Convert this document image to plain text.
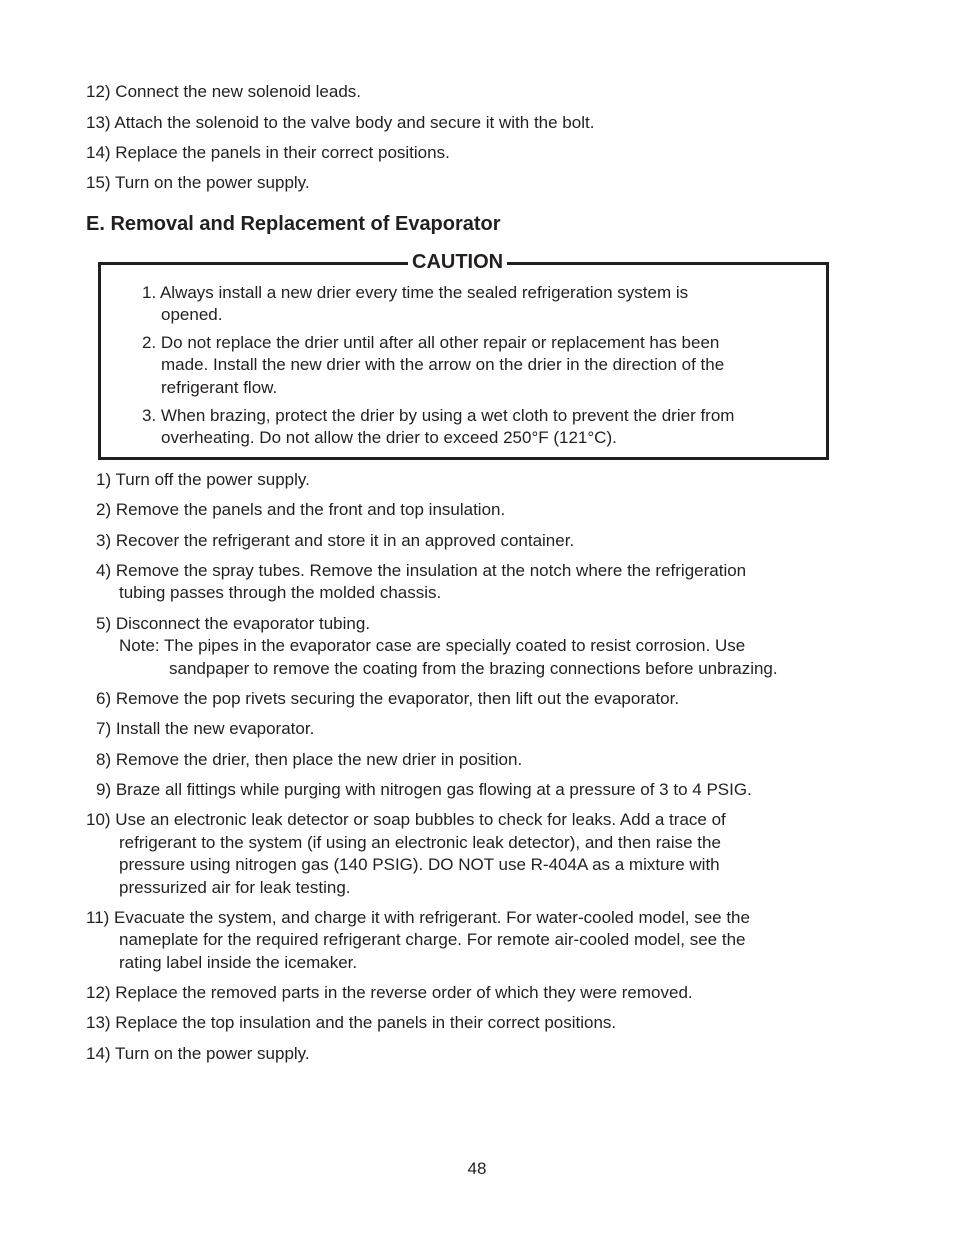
12) Connect the new solenoid leads.
13) Attach the solenoid to the valve body and secure it with the bolt.
14) Replace the panels in their correct positions.
15) Turn on the power supply.
E. Removal and Replacement of Evaporator
CAUTION
1. Always install a new drier every time the sealed refrigeration system is
opened.
2. Do not replace the drier until after all other repair or replacement has been
made. Install the new drier with the arrow on the drier in the direction of the
refrigerant flow.
3. When brazing, protect the drier by using a wet cloth to prevent the drier from
overheating. Do not allow the drier to exceed 250°F (121°C).
1) Turn off the power supply.
2) Remove the panels and the front and top insulation.
3) Recover the refrigerant and store it in an approved container.
4) Remove the spray tubes. Remove the insulation at the notch where the refrigeration
tubing passes through the molded chassis.
5) Disconnect the evaporator tubing.
Note: The pipes in the evaporator case are specially coated to resist corrosion. Use
sandpaper to remove the coating from the brazing connections before unbrazing.
6) Remove the pop rivets securing the evaporator, then lift out the evaporator.
7) Install the new evaporator.
8) Remove the drier, then place the new drier in position.
9) Braze all fittings while purging with nitrogen gas flowing at a pressure of 3 to 4 PSIG.
10) Use an electronic leak detector or soap bubbles to check for leaks. Add a trace of
refrigerant to the system (if using an electronic leak detector), and then raise the
pressure using nitrogen gas (140 PSIG). DO NOT use R-404A as a mixture with
pressurized air for leak testing.
11) Evacuate the system, and charge it with refrigerant. For water-cooled model, see the
nameplate for the required refrigerant charge. For remote air-cooled model, see the
rating label inside the icemaker.
12) Replace the removed parts in the reverse order of which they were removed.
13) Replace the top insulation and the panels in their correct positions.
14) Turn on the power supply.
48
